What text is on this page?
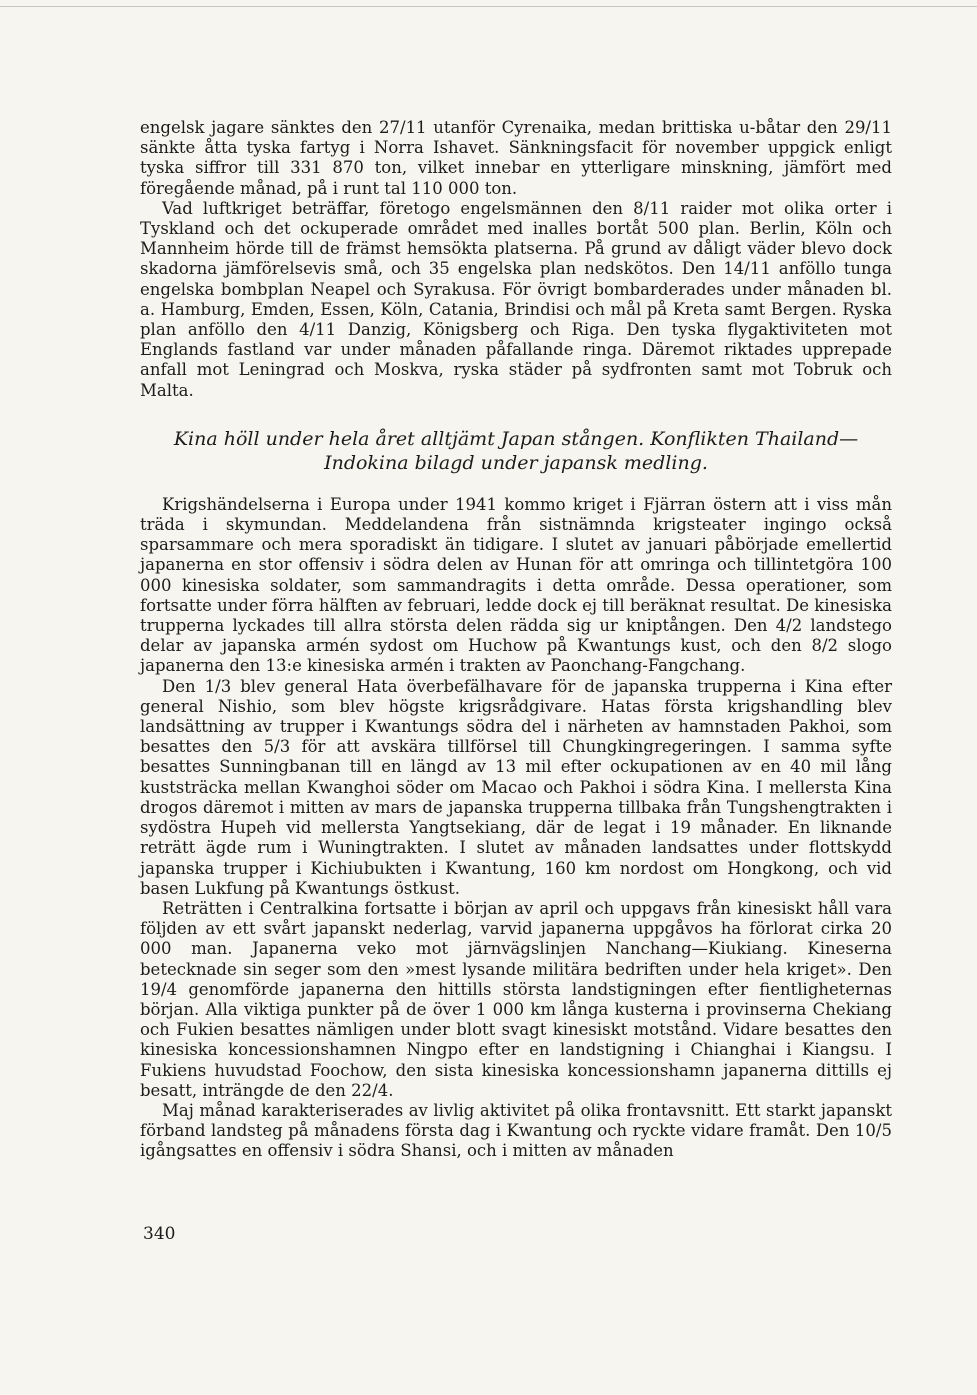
engelsk jagare sänktes den 27/11 utanför Cyrenaika, medan brittiska u-båtar den 29/11 sänkte åtta tyska fartyg i Norra Ishavet. Sänkningsfacit för november uppgick enligt tyska siffror till 331 870 ton, vilket innebar en ytterligare minskning, jämfört med föregående månad, på i runt tal 110 000 ton.

Vad luftkriget beträffar, företogo engelsmännen den 8/11 raider mot olika orter i Tyskland och det ockuperade området med inalles bortåt 500 plan. Berlin, Köln och Mannheim hörde till de främst hemsökta platserna. På grund av dåligt väder blevo dock skadorna jämförelsevis små, och 35 engelska plan nedskötos. Den 14/11 anföllo tunga engelska bombplan Neapel och Syrakusa. För övrigt bombarderades under månaden bl. a. Hamburg, Emden, Essen, Köln, Catania, Brindisi och mål på Kreta samt Bergen. Ryska plan anföllo den 4/11 Danzig, Königsberg och Riga. Den tyska flygaktiviteten mot Englands fastland var under månaden påfallande ringa. Däremot riktades upprepade anfall mot Leningrad och Moskva, ryska städer på sydfronten samt mot Tobruk och Malta.

Kina höll under hela året alltjämt Japan stången. Konflikten Thailand—
Indokina bilagd under japansk medling.

Krigshändelserna i Europa under 1941 kommo kriget i Fjärran östern att i viss mån träda i skymundan. Meddelandena från sistnämnda krigsteater ingingo också sparsammare och mera sporadiskt än tidigare. I slutet av januari påbörjade emellertid japanerna en stor offensiv i södra delen av Hunan för att omringa och tillintetgöra 100 000 kinesiska soldater, som sammandragits i detta område. Dessa operationer, som fortsatte under förra hälften av februari, ledde dock ej till beräknat resultat. De kinesiska trupperna lyckades till allra största delen rädda sig ur kniptången. Den 4/2 landstego delar av japanska armén sydost om Huchow på Kwantungs kust, och den 8/2 slogo japanerna den 13:e kinesiska armén i trakten av Paonchang-Fangchang.

Den 1/3 blev general Hata överbefälhavare för de japanska trupperna i Kina efter general Nishio, som blev högste krigsrådgivare. Hatas första krigshandling blev landsättning av trupper i Kwantungs södra del i närheten av hamnstaden Pakhoi, som besattes den 5/3 för att avskära tillförsel till Chungkingregeringen. I samma syfte besattes Sunningbanan till en längd av 13 mil efter ockupationen av en 40 mil lång kuststräcka mellan Kwanghoi söder om Macao och Pakhoi i södra Kina. I mellersta Kina drogos däremot i mitten av mars de japanska trupperna tillbaka från Tungshengtrakten i sydöstra Hupeh vid mellersta Yangtsekiang, där de legat i 19 månader. En liknande reträtt ägde rum i Wuningtrakten. I slutet av månaden landsattes under flottskydd japanska trupper i Kichiubukten i Kwantung, 160 km nordost om Hongkong, och vid basen Lukfung på Kwantungs östkust.

Reträtten i Centralkina fortsatte i början av april och uppgavs från kinesiskt håll vara följden av ett svårt japanskt nederlag, varvid japanerna uppgåvos ha förlorat cirka 20 000 man. Japanerna veko mot järnvägslinjen Nanchang—Kiukiang. Kineserna betecknade sin seger som den »mest lysande militära bedriften under hela kriget». Den 19/4 genomförde japanerna den hittills största landstigningen efter fientligheternas början. Alla viktiga punkter på de över 1 000 km långa kusterna i provinserna Chekiang och Fukien besattes nämligen under blott svagt kinesiskt motstånd. Vidare besattes den kinesiska koncessionshamnen Ningpo efter en landstigning i Chianghai i Kiangsu. I Fukiens huvudstad Foochow, den sista kinesiska koncessionshamn japanerna dittills ej besatt, inträngde de den 22/4.

Maj månad karakteriserades av livlig aktivitet på olika frontavsnitt. Ett starkt japanskt förband landsteg på månadens första dag i Kwantung och ryckte vidare framåt. Den 10/5 igångsattes en offensiv i södra Shansi, och i mitten av månaden

340
